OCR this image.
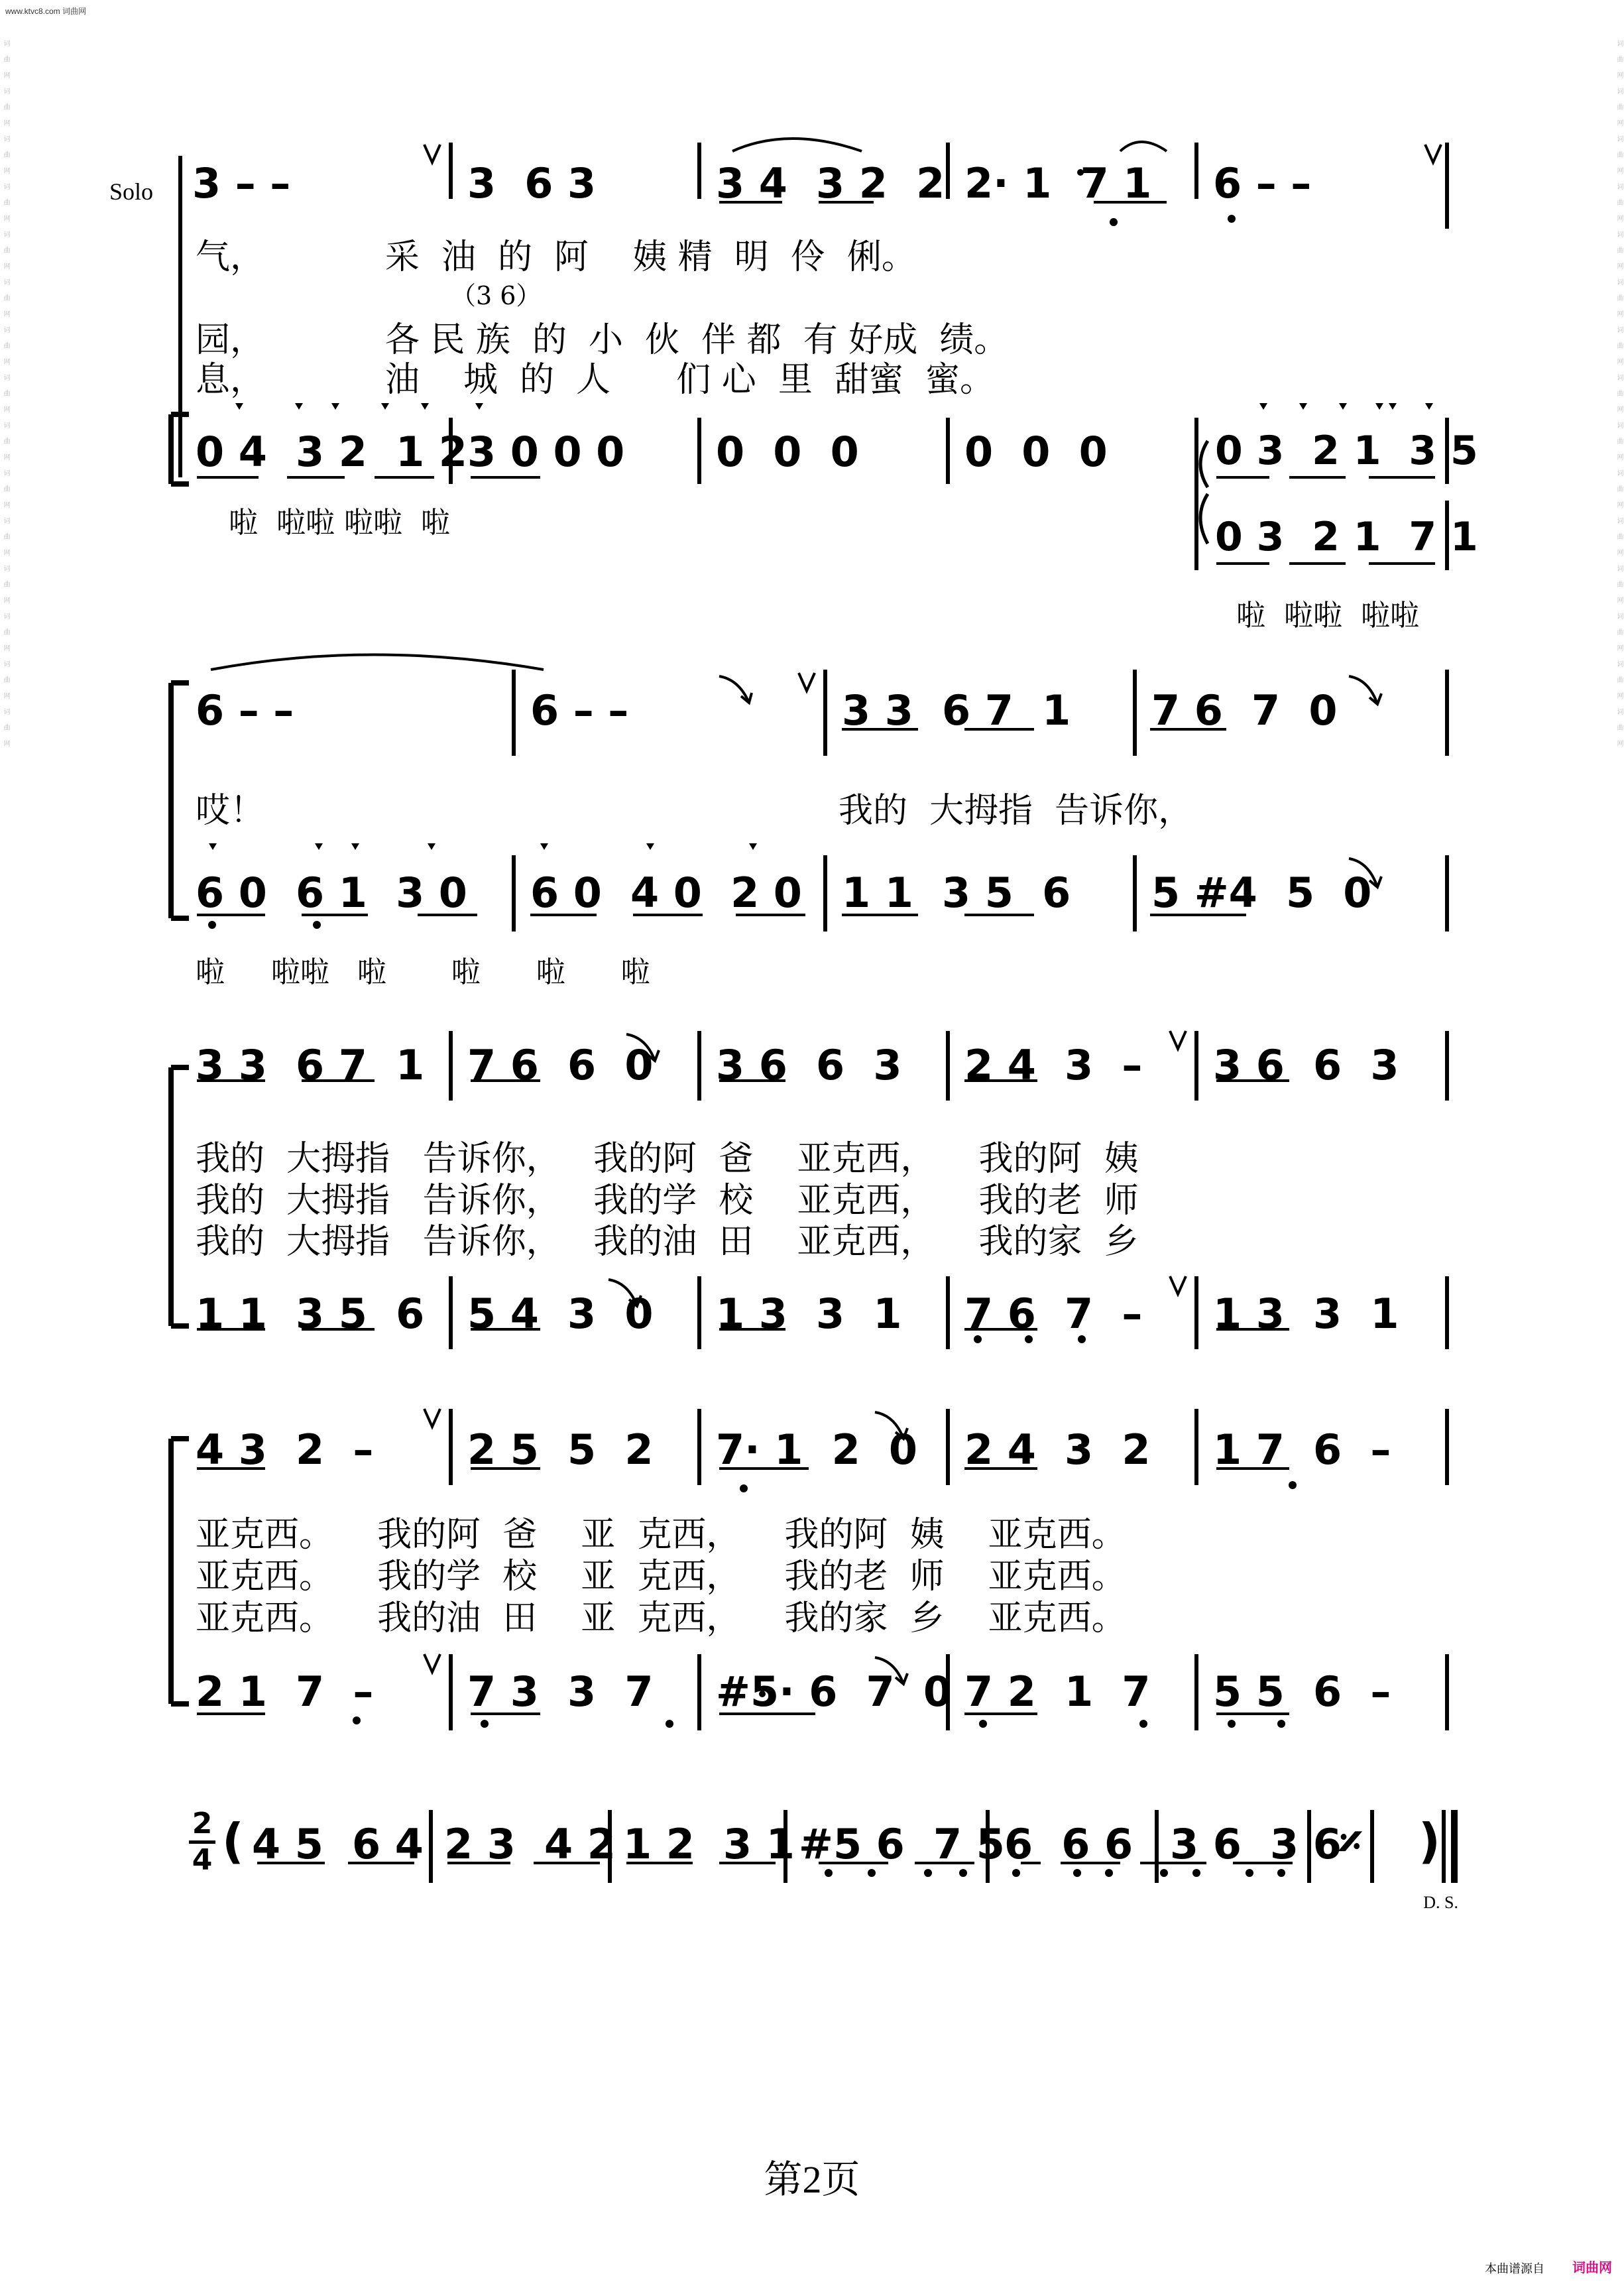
www.ktvc8.com 词曲网
词曲网词曲网词曲网词曲网词曲网词曲网词曲网词曲网词曲网词曲网词曲网词曲网词曲网词曲网词曲网	词曲网词曲网词曲网词曲网词曲网词曲网词曲网词曲网词曲网词曲网词曲网词曲网词曲网词曲网词曲网
Solo 3 – –	3  6 3	3 4  3 2  2 2· 1  7 1 6 – –
气，           采  油  的  阿    姨 精  明  伶  俐。
（3 6）
园，           各 民 族  的  小  伙  伴 都  有 好成  绩。
息，           油    城  的  人      们 心  里  甜蜜  蜜。
0 4  3 2  1 2 3 0 0 0 0  0  0	0  0  0	0 3  2 1  3 5
0 3  2 1  7 1
啦  啦啦 啦啦  啦
啦  啦啦  啦啦
6 – –	6 – –	3 3  6 7  1 7 6  7  0
哎！	我的  大拇指  告诉你，
6 0  6 1  3 0 6 0  4 0  2 0 1 1  3 5  6 5 #4  5  0
啦     啦啦   啦       啦      啦      啦
3 3  6 7  1 7 6  6  0 3 6  6  3 2 4  3  – 3 6  6  3
我的  大拇指   告诉你，   我的阿  爸    亚克西，    我的阿  姨
我的  大拇指   告诉你，   我的学  校    亚克西，    我的老  师
我的  大拇指   告诉你，   我的油  田    亚克西，    我的家  乡
1 1  3 5  6 5 4  3  0 1 3  3  1 7 6  7  – 1 3  3  1
4 3  2  – 2 5  5  2 7· 1  2  0 2 4  3  2 1 7  6  –
亚克西。    我的阿  爸    亚  克西，    我的阿  姨    亚克西。
亚克西。    我的学  校    亚  克西，    我的老  师    亚克西。
亚克西。    我的油  田    亚  克西，    我的家  乡    亚克西。
2 1  7  – 7 3  3  7 #5· 6  7  0 7 2  1  7 5 5  6  –
2
4 ( 4 5  6 4 2 3  4 2 1 2  3 1 #5 6  7 5 6  6 6 3 6  3 6
𝄎 )
D. S.
第2页
本曲谱源自 词曲网
